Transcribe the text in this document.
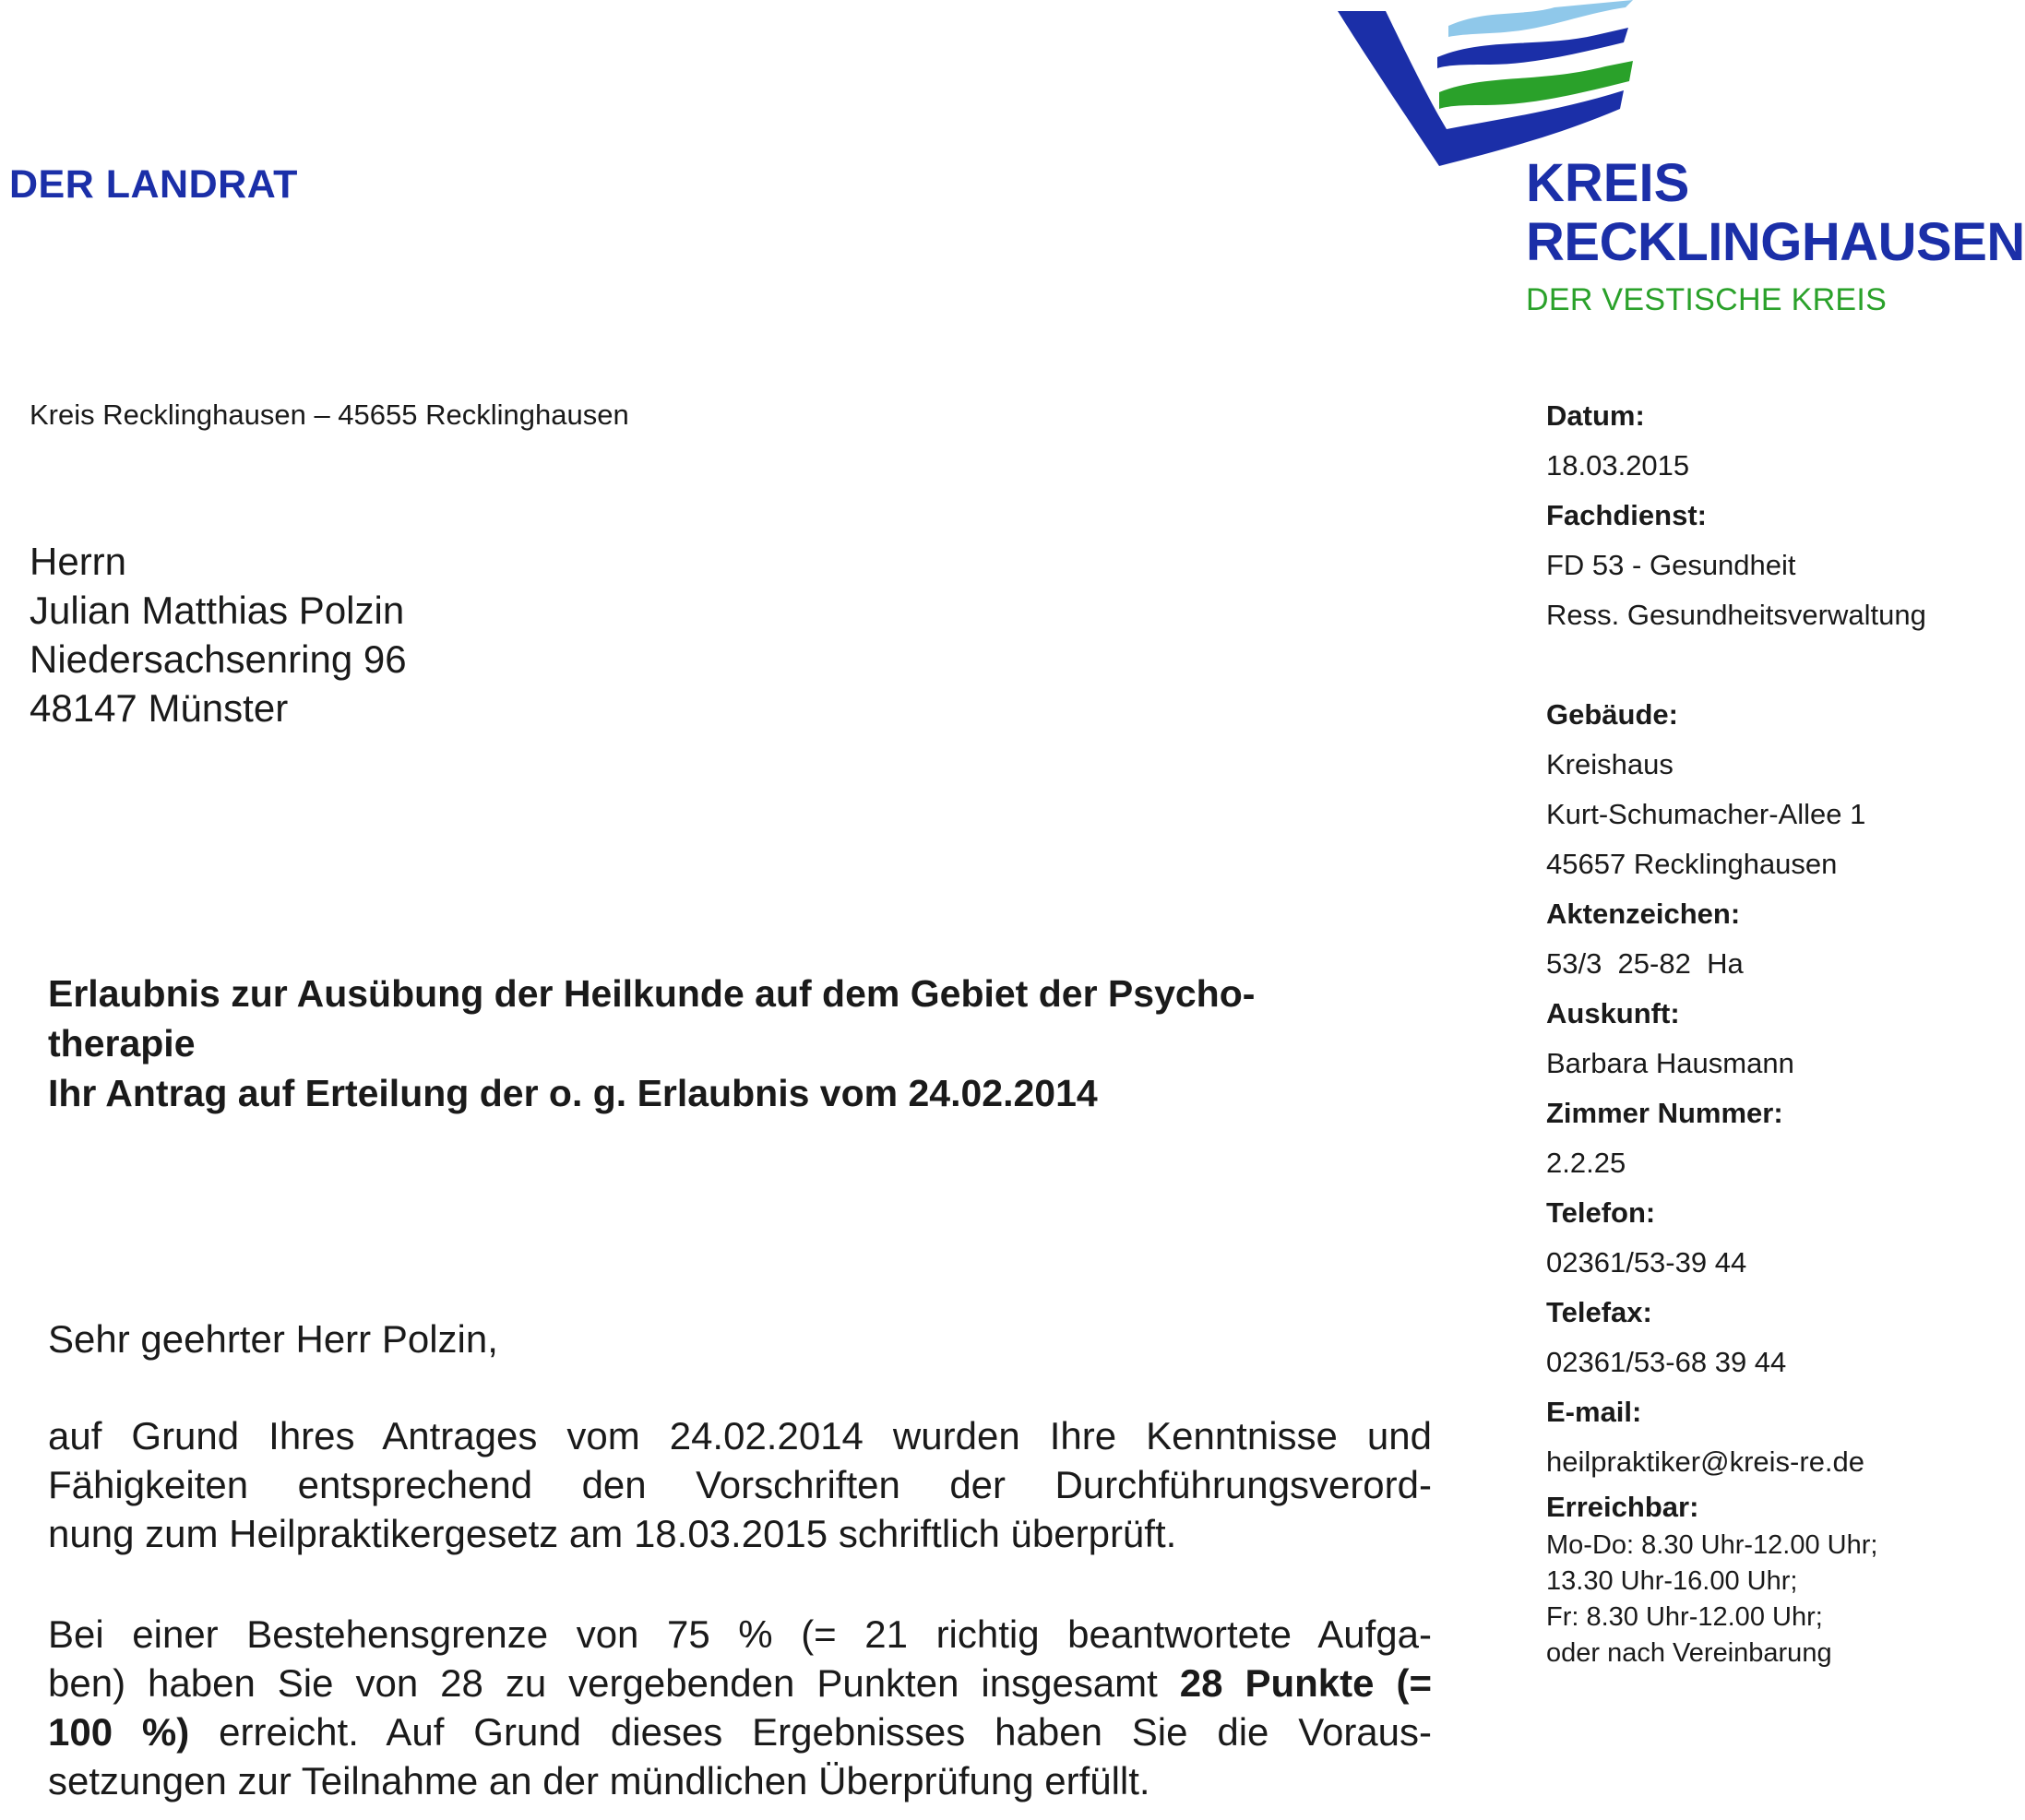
DER LANDRAT	KREIS
RECKLINGHAUSEN
DER VESTISCHE KREIS
Kreis Recklinghausen – 45655 Recklinghausen
Herrn
Julian Matthias Polzin
Niedersachsenring 96
48147 Münster
Datum:
18.03.2015
Fachdienst:
FD 53 - Gesundheit
Ress. Gesundheitsverwaltung
Gebäude:
Kreishaus
Kurt-Schumacher-Allee 1
45657 Recklinghausen
Aktenzeichen:
53/3  25-82  Ha
Auskunft:
Barbara Hausmann
Zimmer Nummer:
2.2.25
Telefon:
02361/53-39 44
Telefax:
02361/53-68 39 44
E-mail:
heilpraktiker@kreis-re.de
Erreichbar:
Mo-Do: 8.30 Uhr-12.00 Uhr;
13.30 Uhr-16.00 Uhr;
Fr: 8.30 Uhr-12.00 Uhr;
oder nach Vereinbarung
Erlaubnis zur Ausübung der Heilkunde auf dem Gebiet der Psycho-
therapie
Ihr Antrag auf Erteilung der o. g. Erlaubnis vom 24.02.2014
Sehr geehrter Herr Polzin,
auf Grund Ihres Antrages vom 24.02.2014 wurden Ihre Kenntnisse und
Fähigkeiten entsprechend den Vorschriften der Durchführungsverord-
nung zum Heilpraktikergesetz am 18.03.2015 schriftlich überprüft.
Bei einer Bestehensgrenze von 75 % (= 21 richtig beantwortete Aufga-
ben) haben Sie von 28 zu vergebenden Punkten insgesamt 28 Punkte (=
100 %) erreicht. Auf Grund dieses Ergebnisses haben Sie die Voraus-
setzungen zur Teilnahme an der mündlichen Überprüfung erfüllt.
